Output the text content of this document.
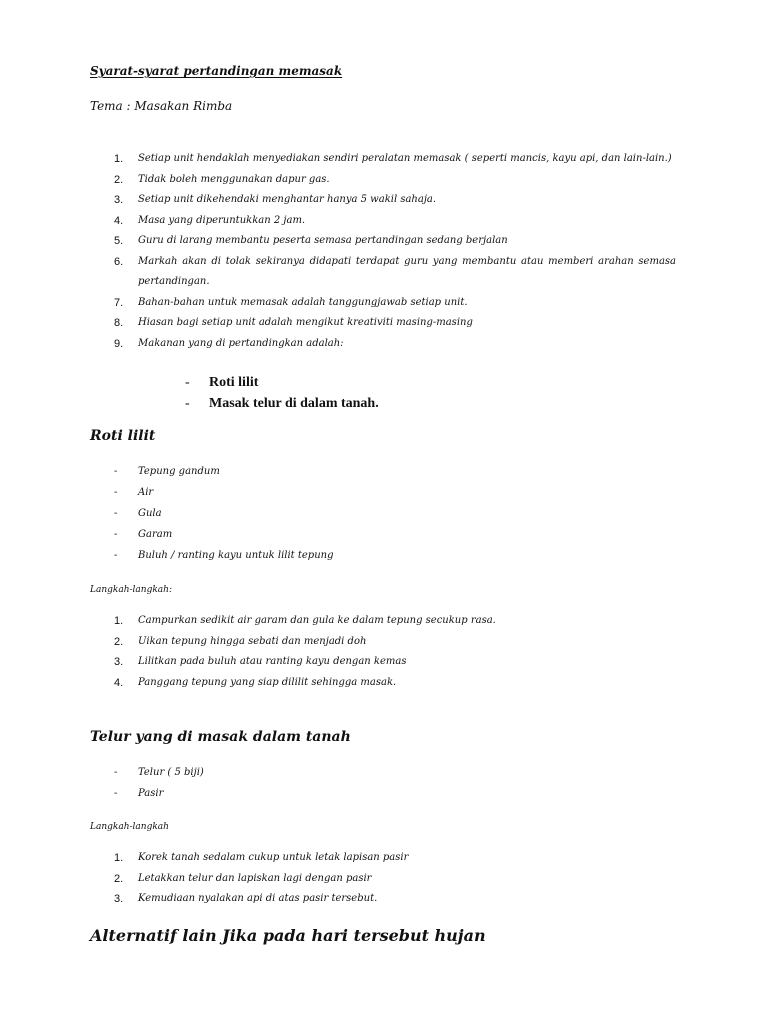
Syarat-syarat pertandingan memasak
Tema : Masakan Rimba
1. Setiap unit hendaklah menyediakan sendiri peralatan memasak ( seperti mancis, kayu api, dan lain-lain.)
2. Tidak boleh menggunakan dapur gas.
3. Setiap unit dikehendaki menghantar hanya 5 wakil sahaja.
4. Masa yang diperuntukkan 2 jam.
5. Guru di larang membantu peserta semasa pertandingan sedang berjalan
6. Markah akan di tolak sekiranya didapati terdapat guru yang membantu atau memberi arahan semasa pertandingan.
7. Bahan-bahan untuk memasak adalah tanggungjawab setiap unit.
8. Hiasan bagi setiap unit adalah mengikut kreativiti masing-masing
9. Makanan yang di pertandingkan adalah:
- Roti lilit
- Masak telur di dalam tanah.
Roti lilit
- Tepung gandum
- Air
- Gula
- Garam
- Buluh / ranting kayu untuk lilit tepung
Langkah-langkah:
1. Campurkan sedikit air garam dan gula ke dalam tepung secukup rasa.
2. Uikan tepung hingga sebati dan menjadi doh
3. Lilitkan pada buluh atau ranting kayu dengan kemas
4. Panggang tepung yang siap dililit sehingga masak.
Telur yang di masak dalam tanah
- Telur ( 5 biji)
- Pasir
Langkah-langkah
1. Korek tanah sedalam cukup untuk letak lapisan pasir
2. Letakkan telur dan lapiskan lagi dengan pasir
3. Kemudiaan nyalakan api di atas pasir tersebut.
Alternatif lain Jika pada hari tersebut hujan
